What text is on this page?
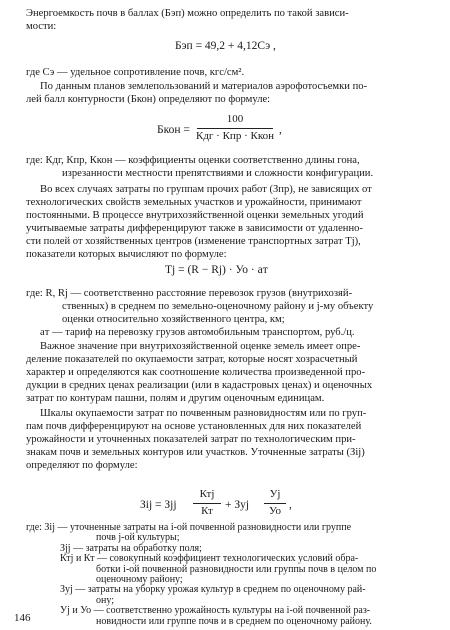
Энергоемкость почв в баллах (Бэп) можно определить по такой зависи-
мости:
Бэп = 49,2 + 4,12Сэ ,
где Сэ — удельное сопротивление почв, кгс/см².
По данным планов землепользований и материалов аэрофотосъемки по-
лей балл контурности (Бкон) определяют по формуле:
Бкон =
100
Кдг · Кпр · Ккон ,
где: Кдг, Кпр, Ккон — коэффициенты оценки соответственно длины гона,
изрезанности местности препятствиями и сложности конфигурации.
Во всех случаях затраты по группам прочих работ (Зпр), не зависящих от
технологических свойств земельных участков и урожайности, принимают
постоянными. В процессе внутрихозяйственной оценки земельных угодий
учитываемые затраты дифференцируют также в зависимости от удаленно-
сти полей от хозяйственных центров (изменение транспортных затрат Тj),
показатели которых вычисляют по формуле:
Тj = (R − Rj) · Уо · aт
где: R, Rj — соответственно расстояние перевозок грузов (внутрихозяй-
ственных) в среднем по земельно-оценочному району и j-му объекту
оценки относительно хозяйственного центра, км;
aт — тариф на перевозку грузов автомобильным транспортом, руб./ц.
Важное значение при внутрихозяйственной оценке земель имеет опре-
деление показателей по окупаемости затрат, которые носят хозрасчетный
характер и определяются как соотношение количества произведенной про-
дукции в средних ценах реализации (или в кадастровых ценах) и оценочных
затрат по контурам пашни, полям и другим оценочным единицам.
Шкалы окупаемости затрат по почвенным разновидностям или по груп-
пам почв дифференцируют на основе установленных для них показателей
урожайности и уточненных показателей затрат по технологическим при-
знакам почв и земельных контуров или участков. Уточненные затраты (Зij)
определяют по формуле:
Зij = Зjj
Ктj
Кт	+ Зуj
Уj
Уо ,
где: Зij — уточненные затраты на i-ой почвенной разновидности или группе
почв j-ой культуры;
Зjj — затраты на обработку поля;
Ктj и Кт — совокупный коэффициент технологических условий обра-
ботки i-ой почвенной разновидности или группы почв в целом по
оценочному району;
Зуj — затраты на уборку урожая культур в среднем по оценочному рай-
ону;
Уj и Уо — соответственно урожайность культуры на i-ой почвенной раз-
новидности или группе почв и в среднем по оценочному району.
146
